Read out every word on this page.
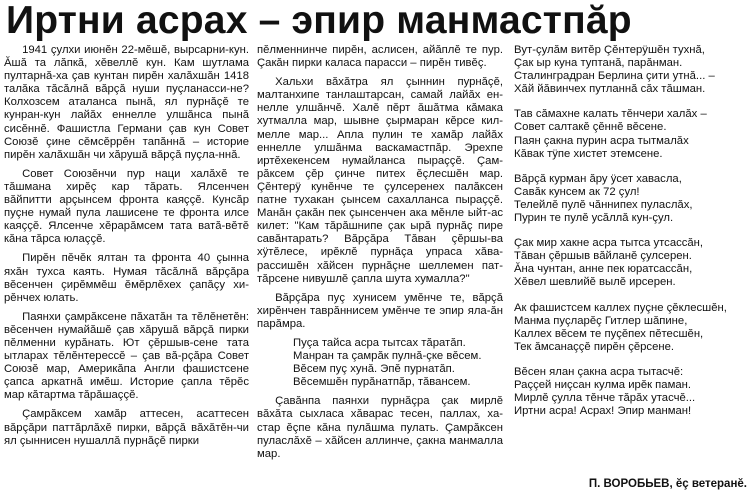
Иртни асрах – эпир манмастпăр

1941 çулхи июнĕн 22-мĕшĕ, вырсарни-кун. Ăшă та лăпкă, хĕвеллĕ кун. Кам шутлама пултарнă-ха çав кунтан пирĕн халăхшăн 1418 талăка тăсăлнă вăрçă нуши пуçланасси-не? Колхозсем аталанса пынă, ял пурнăçĕ те кунран-кун лайăх еннелле улшăнса пынă сисĕннĕ. Фашистла Германи çав кун Совет Союзĕ çине сĕмсĕррĕн тапăннă – историе пирĕн халăхшăн чи хăрушă вăрçă пуçла-ннă.

Совет Союзĕнчи пур наци халăхĕ те тăшмана хирĕç кар тăрать. Ялсенчен вăйпитти арçынсем фронта каяççĕ. Кунсăр пуçне нумай пула лашисене те фронта илсе каяççĕ. Ялсенче хĕрарăмсем тата ватă-вĕтĕ кăна тăрса юлаççĕ.

Пирĕн пĕчĕк ялтан та фронта 40 çынна яхăн тухса каять. Нумая тăсăлнă вăрçăра вĕсенчен çирĕммĕш ĕмĕрлĕхех çапăçу хи-рĕнчех юлать.

Паянхи çамрăксене пăхатăн та тĕлĕнетĕн: вĕсенчен нумайăшĕ çав хăрушă вăрçă пирки пĕлменни курăнать. Ют çĕршыв-сене тата ытларах тĕлĕнтерессĕ – çав вă-рçăра Совет Союзĕ мар, Америкăпа Англи фашистсене çапса аркатнă имĕш. Историе çапла тĕрĕс мар кăтартма тăрăшаççĕ.

Çамрăксем хамăр аттесен, асаттесен вăрçăри паттăрлăхĕ пирки, вăрçă вăхăтĕн-чи ял çыннисен нушаллă пурнăçĕ пирки

пĕлменнинче пирĕн, аслисен, айăплĕ те пур. Çакăн пирки каласа парасси – пирĕн тивĕç.

Хальхи вăхăтра ял çыннин пурнăçĕ, малтанхипе танлаштарсан, самай лайăх ен-нелле улшăнчĕ. Халĕ пĕрт ăшăтма кăмака хутмалла мар, шывне çырмаран кĕрсе кил-мелле мар... Апла пулин те хамăр лайăх еннелле улшăнма васкамастпăр. Эрехпе иртĕхекенсем нумайланса пыраççĕ. Çам-рăксем çĕр çинче питех ĕçлесшĕн мар. Çĕнтерÿ кунĕнче те çулсеренех палăксен патне тухакан çынсем сахалланса пыраççĕ. Манăн çакăн пек çынсенчен ака мĕнле ыйт-ас килет: "Кам тăрăшнипе çак ырă пурнăç пире савăнтарать? Вăрçăра Тăван çĕршы-ва хÿтĕлесе, ирĕклĕ пурнăçа упраса хăва-рассишĕн хăйсен пурнăçне шеллемен пат-тăрсене нивушлĕ çапла шута хумалла?"

Вăрçăра пуç хунисем умĕнче те, вăрçă хирĕнчен таврăннисем умĕнче те эпир яла-ăн парăмра.

Пуça тайса асра тытсах тăратăп.
Манран та çамрăк пулнă-çке вĕсем.
Вĕсем пуç хунă. Эпĕ пурнатăп.
Вĕсемшĕн пурăнатпăр, тăвансем.

Çавăнпа паянхи пурнăçра çак мирлĕ вăхăта сыхласа хăварас тесен, паллах, ха-стар ĕçпе кăна пулăшма пулать. Çамрăксен пуласлăхĕ – хăйсен аллинче, çакна манмалла мар.

Вут-çулăм витĕр Çĕнтерÿшĕн тухнă,
Çак ыр куна туптанă, парăнман.
Сталинградран Берлина çити утнă... –
Хăй йăвинчех путланнă сăх тăшман.
Тав сăмахне калать тĕнчери халăх –
Совет салтакĕ çĕннĕ вĕсене.
Паян çакна пурин асра тытмалăх
Кăвак тÿпе хистет этемсене.
Вăрçă курман ăру ÿсет хавасла,
Савăк кунсем ак 72 çул!
Телейлĕ пулĕ чăннипех пуласлăх,
Пурин те пулĕ усăллă кун-çул.
Çак мир хакне асра тытса утсассăн,
Тăван çĕршыв вăйланĕ çулсерен.
Ăна чунтан, анне пек юратсассăн,
Хĕвел шевлийĕ вылĕ ирсерен.
Ак фашистсем каллех пуçне çĕклесшĕн,
Манма пуçларĕç Гитлер шăпине,
Каллех вĕсем те пуçĕпех пĕтесшĕн,
Тек ăмсанаççĕ пирĕн çĕрсене.
Вĕсен ялан çакна асра тытасчĕ:
Раççей ниçсан кулма ирĕк паман.
Мирлĕ çулла тĕнче тăрăх утасчĕ...
Иртни асра! Асрах! Эпир манман!
П. ВОРОБЬЕВ, ĕç ветеранĕ.
